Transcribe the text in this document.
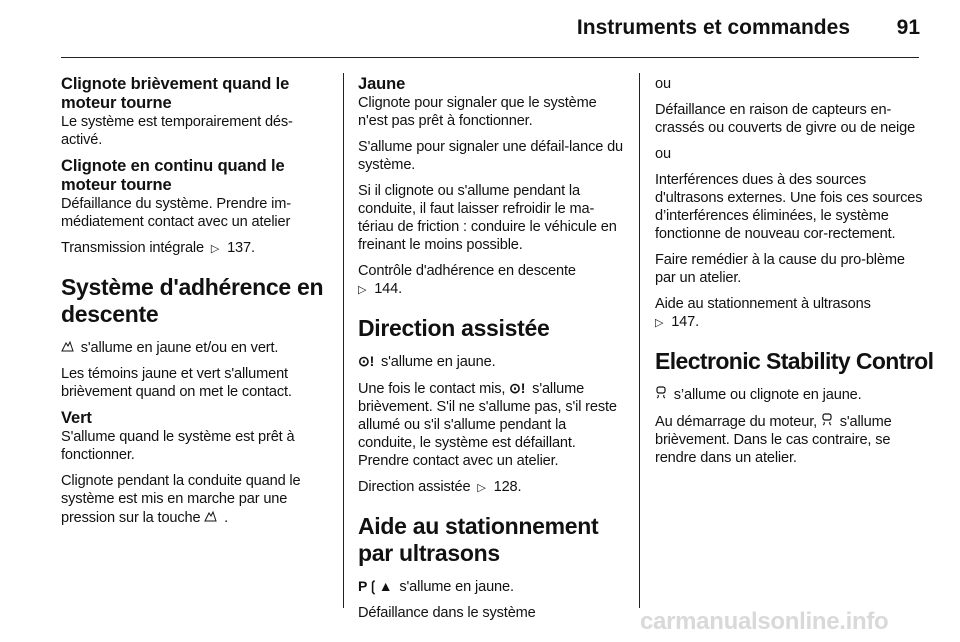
Instruments et commandes	91
Clignote brièvement quand le moteur tourne

Le système est temporairement dés-activé.

Clignote en continu quand le moteur tourne

Défaillance du système. Prendre im-médiatement contact avec un atelier

Transmission intégrale ▷ 137.

Système d'adhérence en descente

s'allume en jaune et/ou en vert.

Les témoins jaune et vert s'allument brièvement quand on met le contact.

Vert

S'allume quand le système est prêt à fonctionner.

Clignote pendant la conduite quand le système est mis en marche par une pression sur la touche .

Jaune

Clignote pour signaler que le système n'est pas prêt à fonctionner.

S'allume pour signaler une défail-lance du système.

Si il clignote ou s'allume pendant la conduite, il faut laisser refroidir le ma-tériau de friction : conduire le véhicule en freinant le moins possible.

Contrôle d'adhérence en descente
▷ 144.

Direction assistée

⊙! s'allume en jaune.

Une fois le contact mis, ⊙! s'allume brièvement. S'il ne s'allume pas, s'il reste allumé ou s'il s'allume pendant la conduite, le système est défaillant. Prendre contact avec un atelier.

Direction assistée ▷ 128.

Aide au stationnement par ultrasons

P❲▲ s'allume en jaune.

Défaillance dans le système

ou

Défaillance en raison de capteurs en-crassés ou couverts de givre ou de neige

ou

Interférences dues à des sources d'ultrasons externes. Une fois ces sources d’interférences éliminées, le système fonctionne de nouveau cor-rectement.

Faire remédier à la cause du pro-blème par un atelier.

Aide au stationnement à ultrasons
▷ 147.

Electronic Stability Control

s’allume ou clignote en jaune.

Au démarrage du moteur, s'allume brièvement. Dans le cas contraire, se rendre dans un atelier.

carmanualsonline.info
